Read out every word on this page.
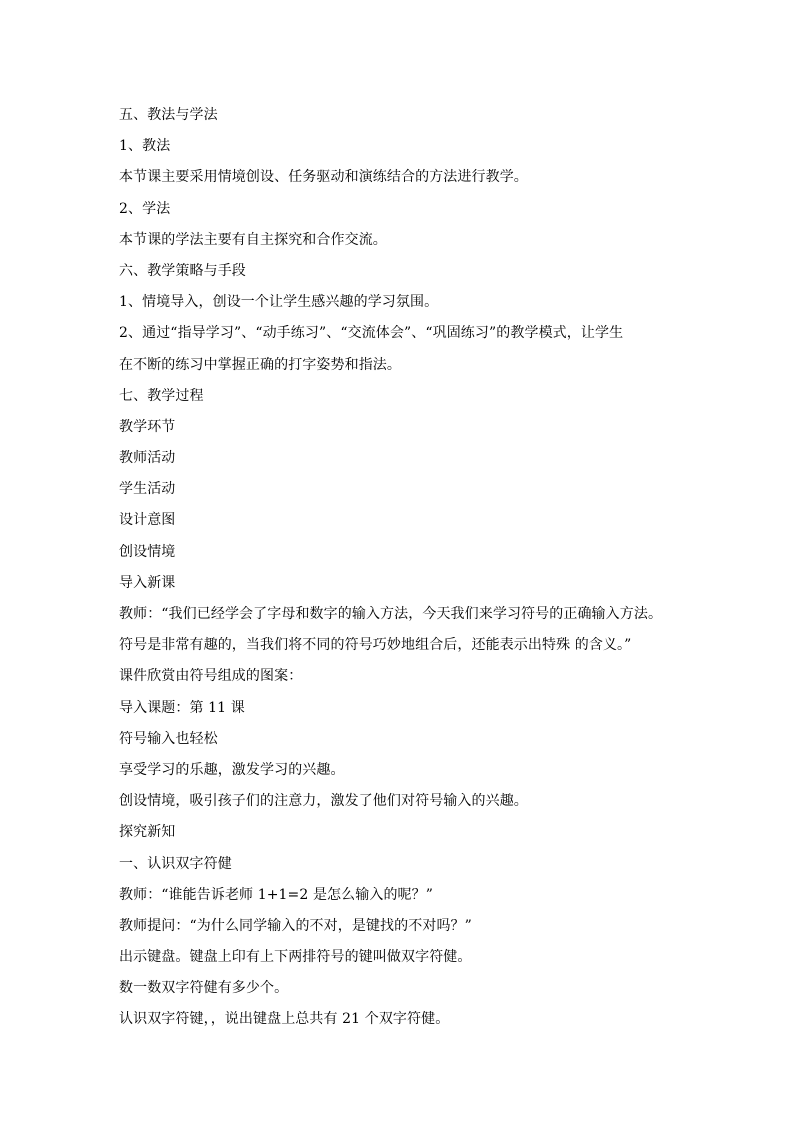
五、教法与学法
1、教法
本节课主要采用情境创设、任务驱动和演练结合的方法进行教学。
2、学法
本节课的学法主要有自主探究和合作交流。
六、教学策略与手段
1、情境导入，创设一个让学生感兴趣的学习氛围。
2、通过“指导学习”、“动手练习”、“交流体会”、“巩固练习”的教学模式，让学生
在不断的练习中掌握正确的打字姿势和指法。
七、教学过程
教学环节
教师活动
学生活动
设计意图
创设情境
导入新课
教师：“我们已经学会了字母和数字的输入方法，今天我们来学习符号的正确输入方法。
符号是非常有趣的，当我们将不同的符号巧妙地组合后，还能表示出特殊 的含义。”
课件欣赏由符号组成的图案：
导入课题：第 11 课
符号输入也轻松
享受学习的乐趣，激发学习的兴趣。
创设情境，吸引孩子们的注意力，激发了他们对符号输入的兴趣。
探究新知
一、认识双字符健
教师：“谁能告诉老师 1+1=2 是怎么输入的呢？”
教师提问：“为什么同学输入的不对，是键找的不对吗？”
出示键盘。键盘上印有上下两排符号的键叫做双字符健。
数一数双字符健有多少个。
认识双字符键，，说出键盘上总共有 21 个双字符健。
